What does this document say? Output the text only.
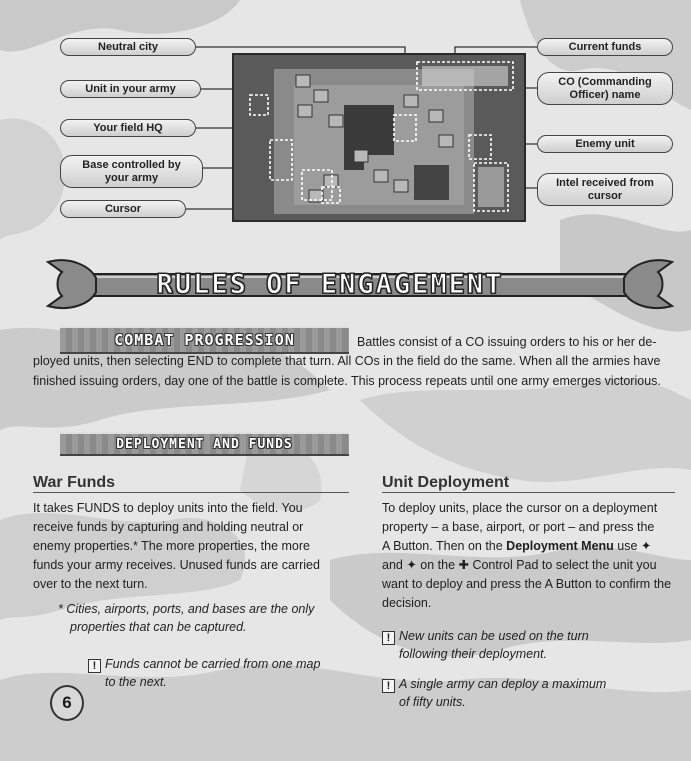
Neutral city
Unit in your army
Your field HQ
Base controlled by
your army
Cursor
Current funds
CO (Commanding
Officer) name
Enemy unit
Intel received from
cursor
RULES OF ENGAGEMENT
COMBAT PROGRESSION	Battles consist of a CO issuing orders to his or her de-
ployed units, then selecting END to complete that turn. All COs in the field do the same. When all the armies have
finished issuing orders, day one of the battle is complete. This process repeats until one army emerges victorious.
DEPLOYMENT AND FUNDS
War Funds
It takes FUNDS to deploy units into the field. You
receive funds by capturing and holding neutral or
enemy properties.* The more properties, the more
funds your army receives. Unused funds are carried
over to the next turn.
* Cities, airports, ports, and bases are the only
properties that can be captured.
! Funds cannot be carried from one map
to the next.
Unit Deployment
To deploy units, place the cursor on a deployment
property – a base, airport, or port – and press the
A Button. Then on the Deployment Menu use ✦
and ✦ on the ✚ Control Pad to select the unit you
want to deploy and press the A Button to confirm the
decision.
! New units can be used on the turn
following their deployment.
! A single army can deploy a maximum
of fifty units.
6
